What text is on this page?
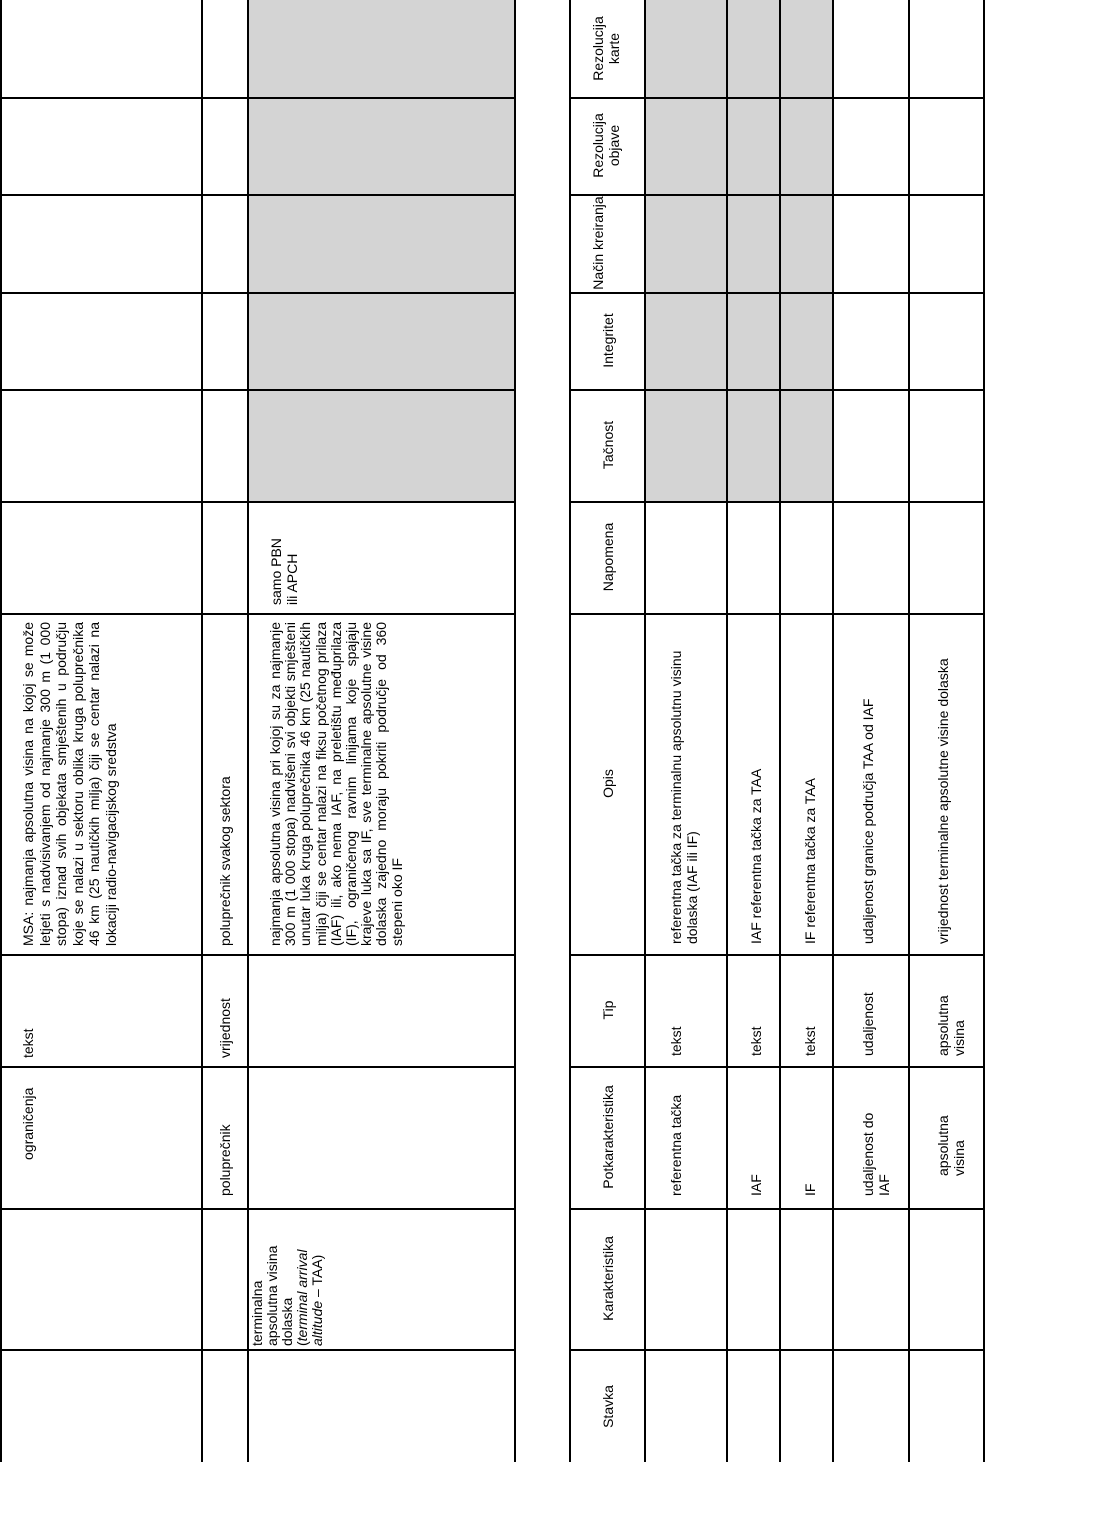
ograničenja
tekst
MSA: najmanja apsolutna visina na kojoj se može letjeti s nadvisivanjem od najmanje 300 m (1 000 stopa) iznad svih objekata smještenih u području koje se nalazi u sektoru oblika kruga poluprečnika 46 km (25 nautičkih milja) čiji se centar nalazi na lokaciji radio-navigacijskog sredstva
poluprečnik
vrijednost
poluprečnik svakog sektora
terminalna apsolutna visina dolaska (terminal arrival altitude – TAA)
najmanja apsolutna visina pri kojoj su za najmanje 300 m (1 000 stopa) nadvišeni svi objekti smješteni unutar luka kruga poluprečnika 46 km (25 nautičkih milja) čiji se centar nalazi na fiksu početnog prilaza (IAF) ili, ako nema IAF, na preletištu međuprilaza (IF), ograničenog ravnim linijama koje spajaju krajeve luka sa IF, sve terminalne apsolutne visine dolaska zajedno moraju pokriti područje od 360 stepeni oko IF
samo PBN ili APCH
Stavka
Karakteristika
Potkarakteristika
Tip
Opis
Napomena
Tačnost
Integritet
Način kreiranja
Rezolucija objave
Rezolucija karte
referentna tačka
tekst
referentna tačka za terminalnu apsolutnu visinu dolaska (IAF ili IF)
IAF
tekst
IAF referentna tačka za TAA
IF
tekst
IF referentna tačka za TAA
udaljenost do IAF
udaljenost
udaljenost granice područja TAA od IAF
apsolutna visina
apsolutna visina
vrijednost terminalne apsolutne visine dolaska
